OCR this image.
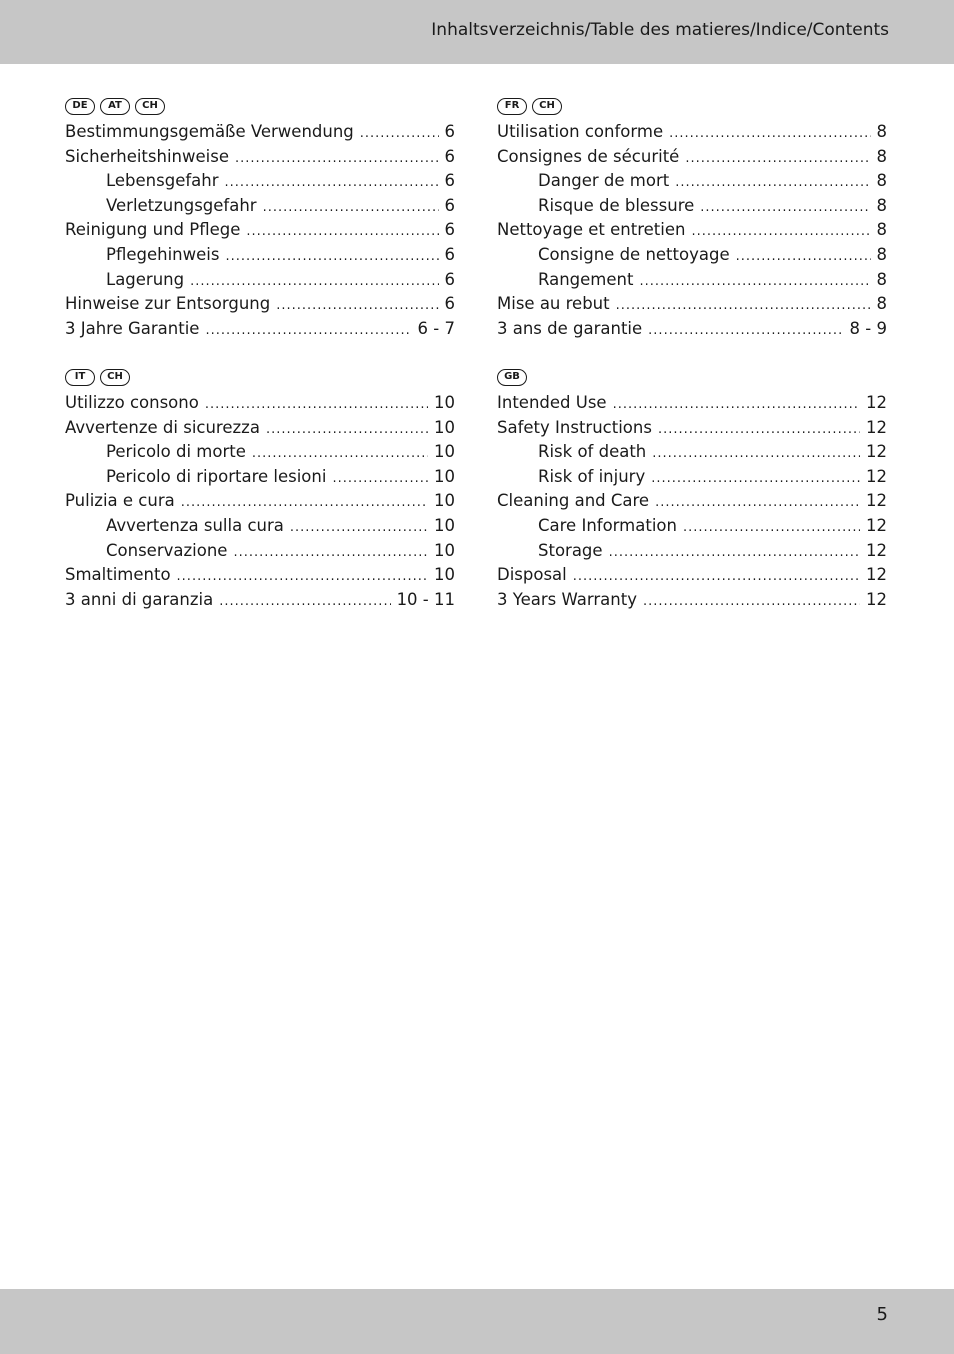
Inhaltsverzeichnis/Table des matieres/Indice/Contents
DE	AT	CH
Bestimmungsgemäße Verwendung .....	6
Sicherheitshinweise .....	6
Lebensgefahr .....	6
Verletzungsgefahr .....	6
Reinigung und Pflege .....	6
Pflegehinweis .....	6
Lagerung .....	6
Hinweise zur Entsorgung .....	6
3 Jahre Garantie .....	6 - 7
FR	CH
Utilisation conforme .....	8
Consignes de sécurité .....	8
Danger de mort .....	8
Risque de blessure .....	8
Nettoyage et entretien .....	8
Consigne de nettoyage .....	8
Rangement .....	8
Mise au rebut .....	8
3 ans de garantie .....	8 - 9
IT	CH
Utilizzo consono .....	10
Avvertenze di sicurezza .....	10
Pericolo di morte .....	10
Pericolo di riportare lesioni .....	10
Pulizia e cura .....	10
Avvertenza sulla cura .....	10
Conservazione .....	10
Smaltimento .....	10
3 anni di garanzia .....	10 - 11
GB
Intended Use .....	12
Safety Instructions .....	12
Risk of death .....	12
Risk of injury .....	12
Cleaning and Care .....	12
Care Information .....	12
Storage .....	12
Disposal .....	12
3 Years Warranty .....	12
5
